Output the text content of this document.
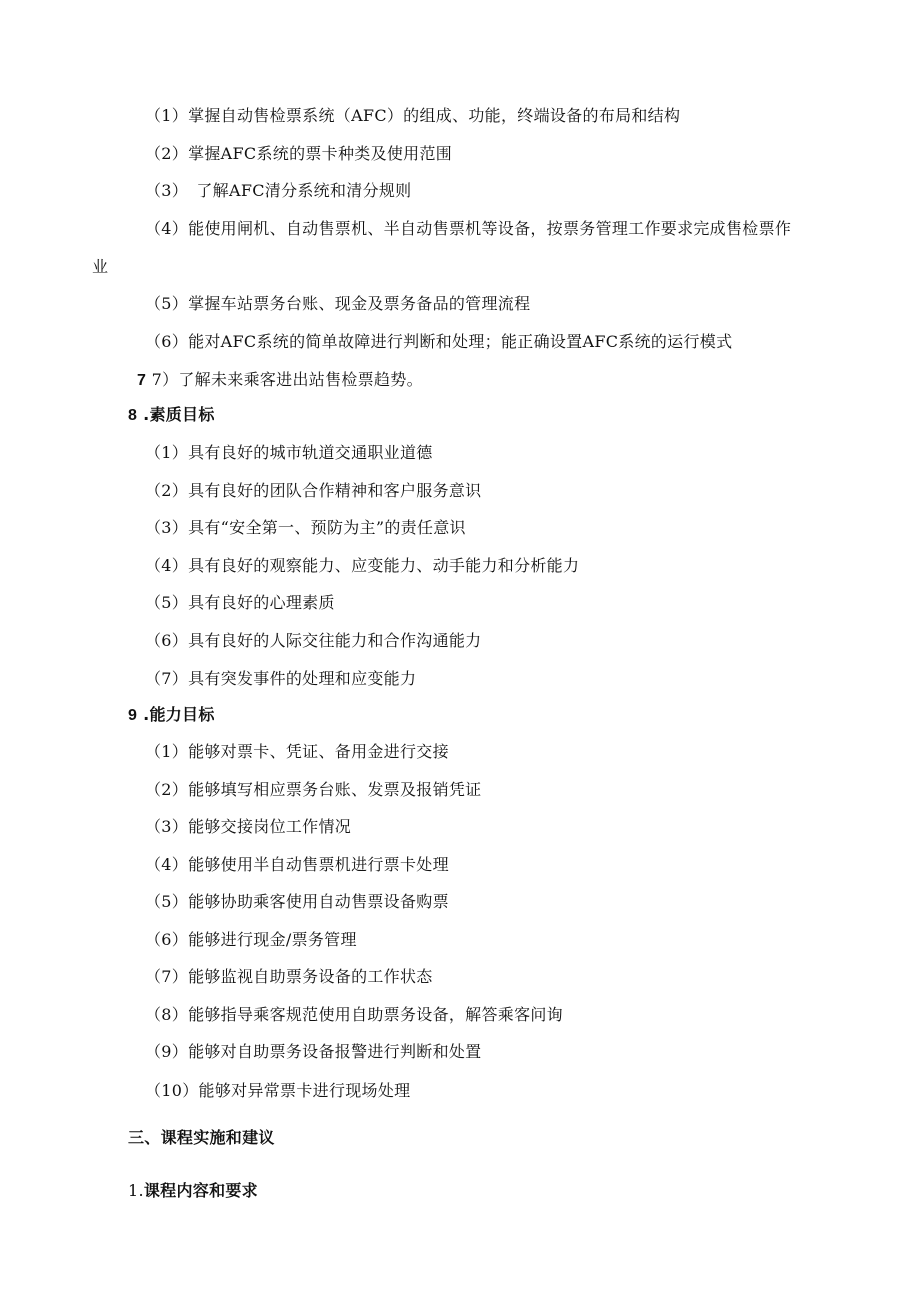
（1）掌握自动售检票系统（AFC）的组成、功能，终端设备的布局和结构
（2）掌握AFC系统的票卡种类及使用范围
（3）　了解AFC清分系统和清分规则
（4）能使用闸机、自动售票机、半自动售票机等设备，按票务管理工作要求完成售检票作
业
（5）掌握车站票务台账、现金及票务备品的管理流程
（6）能对AFC系统的简单故障进行判断和处理；能正确设置AFC系统的运行模式
7 7）了解未来乘客进出站售检票趋势。
8 .素质目标
（1）具有良好的城市轨道交通职业道德
（2）具有良好的团队合作精神和客户服务意识
（3）具有“安全第一、预防为主”的责任意识
（4）具有良好的观察能力、应变能力、动手能力和分析能力
（5）具有良好的心理素质
（6）具有良好的人际交往能力和合作沟通能力
（7）具有突发事件的处理和应变能力
9 .能力目标
（1）能够对票卡、凭证、备用金进行交接
（2）能够填写相应票务台账、发票及报销凭证
（3）能够交接岗位工作情况
（4）能够使用半自动售票机进行票卡处理
（5）能够协助乘客使用自动售票设备购票
（6）能够进行现金/票务管理
（7）能够监视自助票务设备的工作状态
（8）能够指导乘客规范使用自助票务设备，解答乘客问询
（9）能够对自助票务设备报警进行判断和处置
（10）能够对异常票卡进行现场处理
三、课程实施和建议
1.课程内容和要求
